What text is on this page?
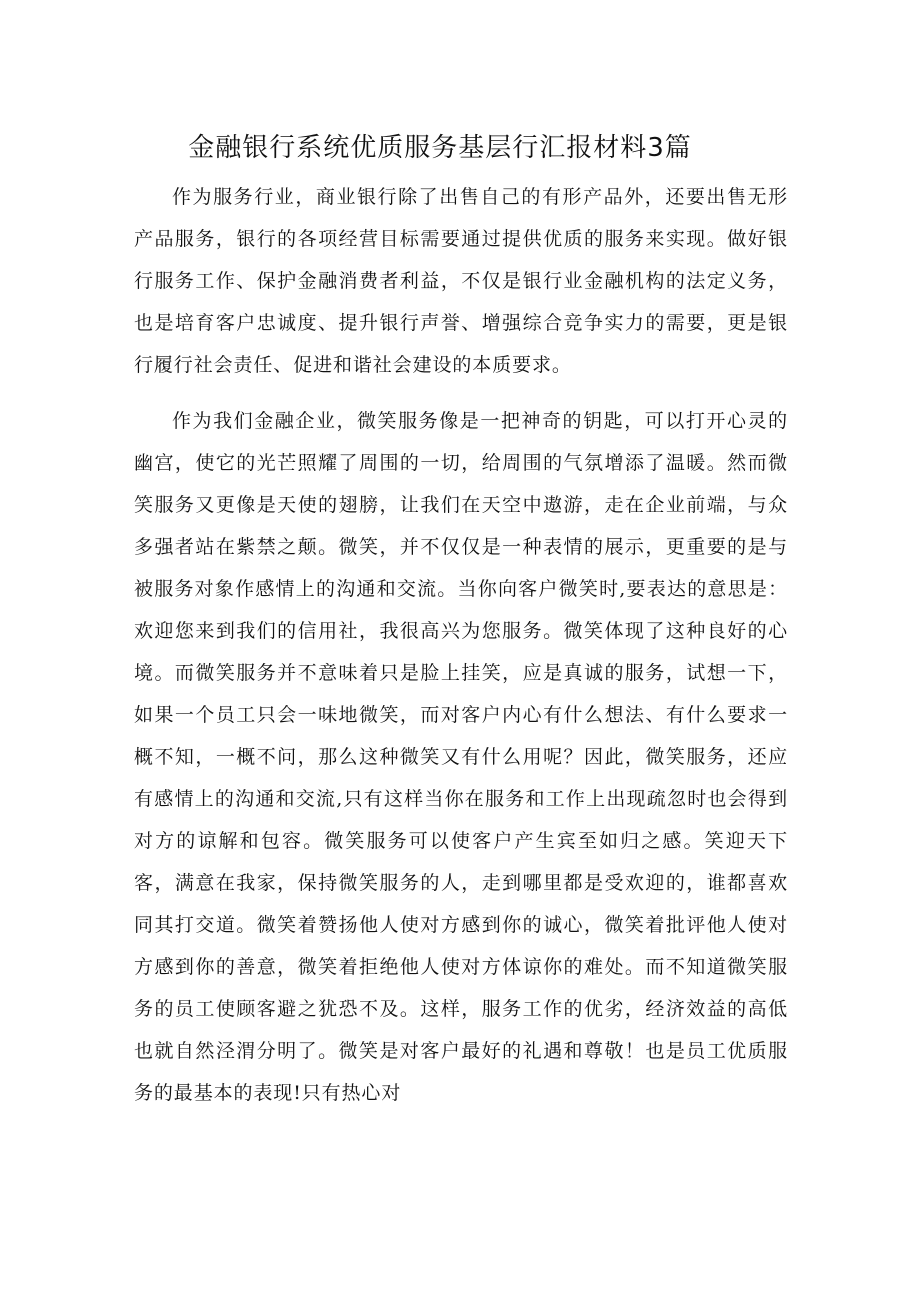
金融银行系统优质服务基层行汇报材料3篇

作为服务行业，商业银行除了出售自己的有形产品外，还要出售无形产品服务，银行的各项经营目标需要通过提供优质的服务来实现。做好银行服务工作、保护金融消费者利益，不仅是银行业金融机构的法定义务，也是培育客户忠诚度、提升银行声誉、增强综合竞争实力的需要，更是银行履行社会责任、促进和谐社会建设的本质要求。

作为我们金融企业，微笑服务像是一把神奇的钥匙，可以打开心灵的幽宫，使它的光芒照耀了周围的一切，给周围的气氛增添了温暖。然而微笑服务又更像是天使的翅膀，让我们在天空中遨游，走在企业前端，与众多强者站在紫禁之颠。微笑，并不仅仅是一种表情的展示，更重要的是与被服务对象作感情上的沟通和交流。当你向客户微笑时,要表达的意思是：欢迎您来到我们的信用社，我很高兴为您服务。微笑体现了这种良好的心境。而微笑服务并不意味着只是脸上挂笑，应是真诚的服务，试想一下，如果一个员工只会一味地微笑，而对客户内心有什么想法、有什么要求一概不知，一概不问，那么这种微笑又有什么用呢？因此，微笑服务，还应有感情上的沟通和交流,只有这样当你在服务和工作上出现疏忽时也会得到对方的谅解和包容。微笑服务可以使客户产生宾至如归之感。笑迎天下客，满意在我家，保持微笑服务的人，走到哪里都是受欢迎的，谁都喜欢同其打交道。微笑着赞扬他人使对方感到你的诚心，微笑着批评他人使对方感到你的善意，微笑着拒绝他人使对方体谅你的难处。而不知道微笑服务的员工使顾客避之犹恐不及。这样，服务工作的优劣，经济效益的高低也就自然泾渭分明了。微笑是对客户最好的礼遇和尊敬！也是员工优质服务的最基本的表现!只有热心对
